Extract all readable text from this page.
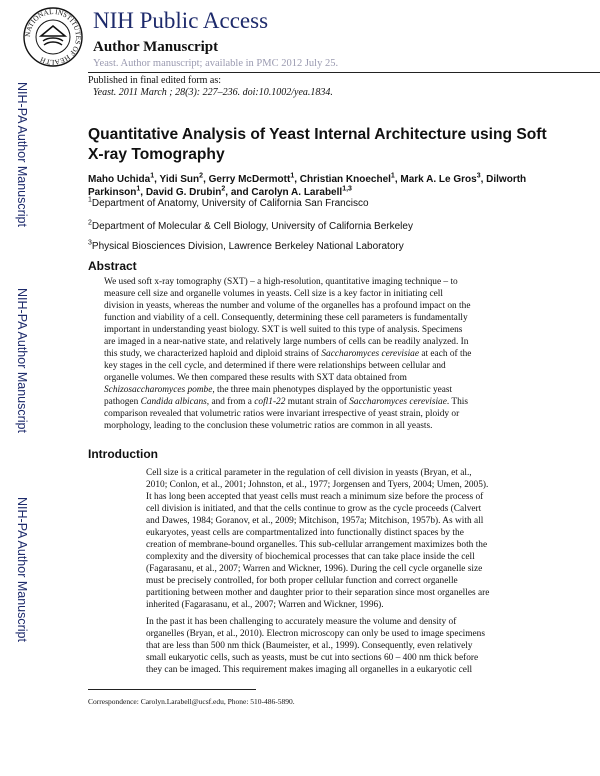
NATIONAL INSTITUTES OF HEALTH
NIH Public Access
Author Manuscript
Yeast. Author manuscript; available in PMC 2012 July 25.
Published in final edited form as:
Yeast. 2011 March ; 28(3): 227–236. doi:10.1002/yea.1834.
NIH-PA Author Manuscript
NIH-PA Author Manuscript
NIH-PA Author Manuscript
Quantitative Analysis of Yeast Internal Architecture using Soft X-ray Tomography
Maho Uchida$^1$, Yidi Sun$^2$, Gerry McDermott$^1$, Christian Knoechel$^1$, Mark A. Le Gros$^3$, Dilworth Parkinson$^1$, David G. Drubin$^2$, and Carolyn A. Larabell$^{1,3}$
$^1$Department of Anatomy, University of California San Francisco
$^2$Department of Molecular & Cell Biology, University of California Berkeley
$^3$Physical Biosciences Division, Lawrence Berkeley National Laboratory
Abstract
We used soft x-ray tomography (SXT) – a high-resolution, quantitative imaging technique – to
measure cell size and organelle volumes in yeasts. Cell size is a key factor in initiating cell
division in yeasts, whereas the number and volume of the organelles has a profound impact on the
function and viability of a cell. Consequently, determining these cell parameters is fundamentally
important in understanding yeast biology. SXT is well suited to this type of analysis. Specimens
are imaged in a near-native state, and relatively large numbers of cells can be readily analyzed. In
this study, we characterized haploid and diploid strains of Saccharomyces cerevisiae at each of the
key stages in the cell cycle, and determined if there were relationships between cellular and
organelle volumes. We then compared these results with SXT data obtained from
Schizosaccharomyces pombe, the three main phenotypes displayed by the opportunistic yeast
pathogen Candida albicans, and from a cofl1-22 mutant strain of Saccharomyces cerevisiae. This
comparison revealed that volumetric ratios were invariant irrespective of yeast strain, ploidy or
morphology, leading to the conclusion these volumetric ratios are common in all yeasts.
Introduction
Cell size is a critical parameter in the regulation of cell division in yeasts (Bryan, et al.,
2010; Conlon, et al., 2001; Johnston, et al., 1977; Jorgensen and Tyers, 2004; Umen, 2005).
It has long been accepted that yeast cells must reach a minimum size before the process of
cell division is initiated, and that the cells continue to grow as the cycle proceeds (Calvert
and Dawes, 1984; Goranov, et al., 2009; Mitchison, 1957a; Mitchison, 1957b). As with all
eukaryotes, yeast cells are compartmentalized into functionally distinct spaces by the
creation of membrane-bound organelles. This sub-cellular arrangement maximizes both the
complexity and the diversity of biochemical processes that can take place inside the cell
(Fagarasanu, et al., 2007; Warren and Wickner, 1996). During the cell cycle organelle size
must be precisely controlled, for both proper cellular function and correct organelle
partitioning between mother and daughter prior to their separation since most organelles are
inherited (Fagarasanu, et al., 2007; Warren and Wickner, 1996).
In the past it has been challenging to accurately measure the volume and density of
organelles (Bryan, et al., 2010). Electron microscopy can only be used to image specimens
that are less than 500 nm thick (Baumeister, et al., 1999). Consequently, even relatively
small eukaryotic cells, such as yeasts, must be cut into sections 60 – 400 nm thick before
they can be imaged. This requirement makes imaging all organelles in a eukaryotic cell
Correspondence: Carolyn.Larabell@ucsf.edu, Phone: 510-486-5890.
